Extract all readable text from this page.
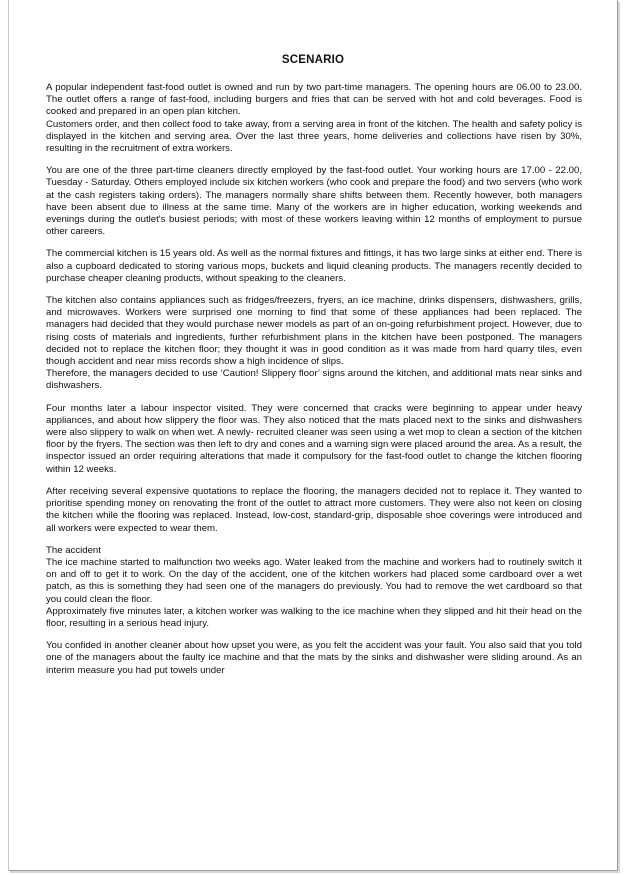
SCENARIO

A popular independent fast-food outlet is owned and run by two part-time managers. The opening hours are 06.00 to 23.00. The outlet offers a range of fast-food, including burgers and fries that can be served with hot and cold beverages. Food is cooked and prepared in an open plan kitchen.

Customers order, and then collect food to take away, from a serving area in front of the kitchen. The health and safety policy is displayed in the kitchen and serving area. Over the last three years, home deliveries and collections have risen by 30%, resulting in the recruitment of extra workers.

You are one of the three part-time cleaners directly employed by the fast-food outlet. Your working hours are 17.00 - 22.00, Tuesday - Saturday. Others employed include six kitchen workers (who cook and prepare the food) and two servers (who work at the cash registers taking orders). The managers normally share shifts between them. Recently however, both managers have been absent due to illness at the same time. Many of the workers are in higher education, working weekends and evenings during the outlet's busiest periods; with most of these workers leaving within 12 months of employment to pursue other careers.

The commercial kitchen is 15 years old. As well as the normal fixtures and fittings, it has two large sinks at either end. There is also a cupboard dedicated to storing various mops, buckets and liquid cleaning products. The managers recently decided to purchase cheaper cleaning products, without speaking to the cleaners.

The kitchen also contains appliances such as fridges/freezers, fryers, an ice machine, drinks dispensers, dishwashers, grills, and microwaves. Workers were surprised one morning to find that some of these appliances had been replaced. The managers had decided that they would purchase newer models as part of an on-going refurbishment project. However, due to rising costs of materials and ingredients, further refurbishment plans in the kitchen have been postponed. The managers decided not to replace the kitchen floor; they thought it was in good condition as it was made from hard quarry tiles, even though accident and near miss records show a high incidence of slips.

Therefore, the managers decided to use ‘Caution! Slippery floor’ signs around the kitchen, and additional mats near sinks and dishwashers.

Four months later a labour inspector visited. They were concerned that cracks were beginning to appear under heavy appliances, and about how slippery the floor was. They also noticed that the mats placed next to the sinks and dishwashers were also slippery to walk on when wet. A newly- recruited cleaner was seen using a wet mop to clean a section of the kitchen floor by the fryers. The section was then left to dry and cones and a warning sign were placed around the area. As a result, the inspector issued an order requiring alterations that made it compulsory for the fast-food outlet to change the kitchen flooring within 12 weeks.

After receiving several expensive quotations to replace the flooring, the managers decided not to replace it. They wanted to prioritise spending money on renovating the front of the outlet to attract more customers. They were also not keen on closing the kitchen while the flooring was replaced. Instead, low-cost, standard-grip, disposable shoe coverings were introduced and all workers were expected to wear them.

The accident

The ice machine started to malfunction two weeks ago. Water leaked from the machine and workers had to routinely switch it on and off to get it to work. On the day of the accident, one of the kitchen workers had placed some cardboard over a wet patch, as this is something they had seen one of the managers do previously. You had to remove the wet cardboard so that you could clean the floor.

Approximately five minutes later, a kitchen worker was walking to the ice machine when they slipped and hit their head on the floor, resulting in a serious head injury.

You confided in another cleaner about how upset you were, as you felt the accident was your fault. You also said that you told one of the managers about the faulty ice machine and that the mats by the sinks and dishwasher were sliding around. As an interim measure you had put towels under
